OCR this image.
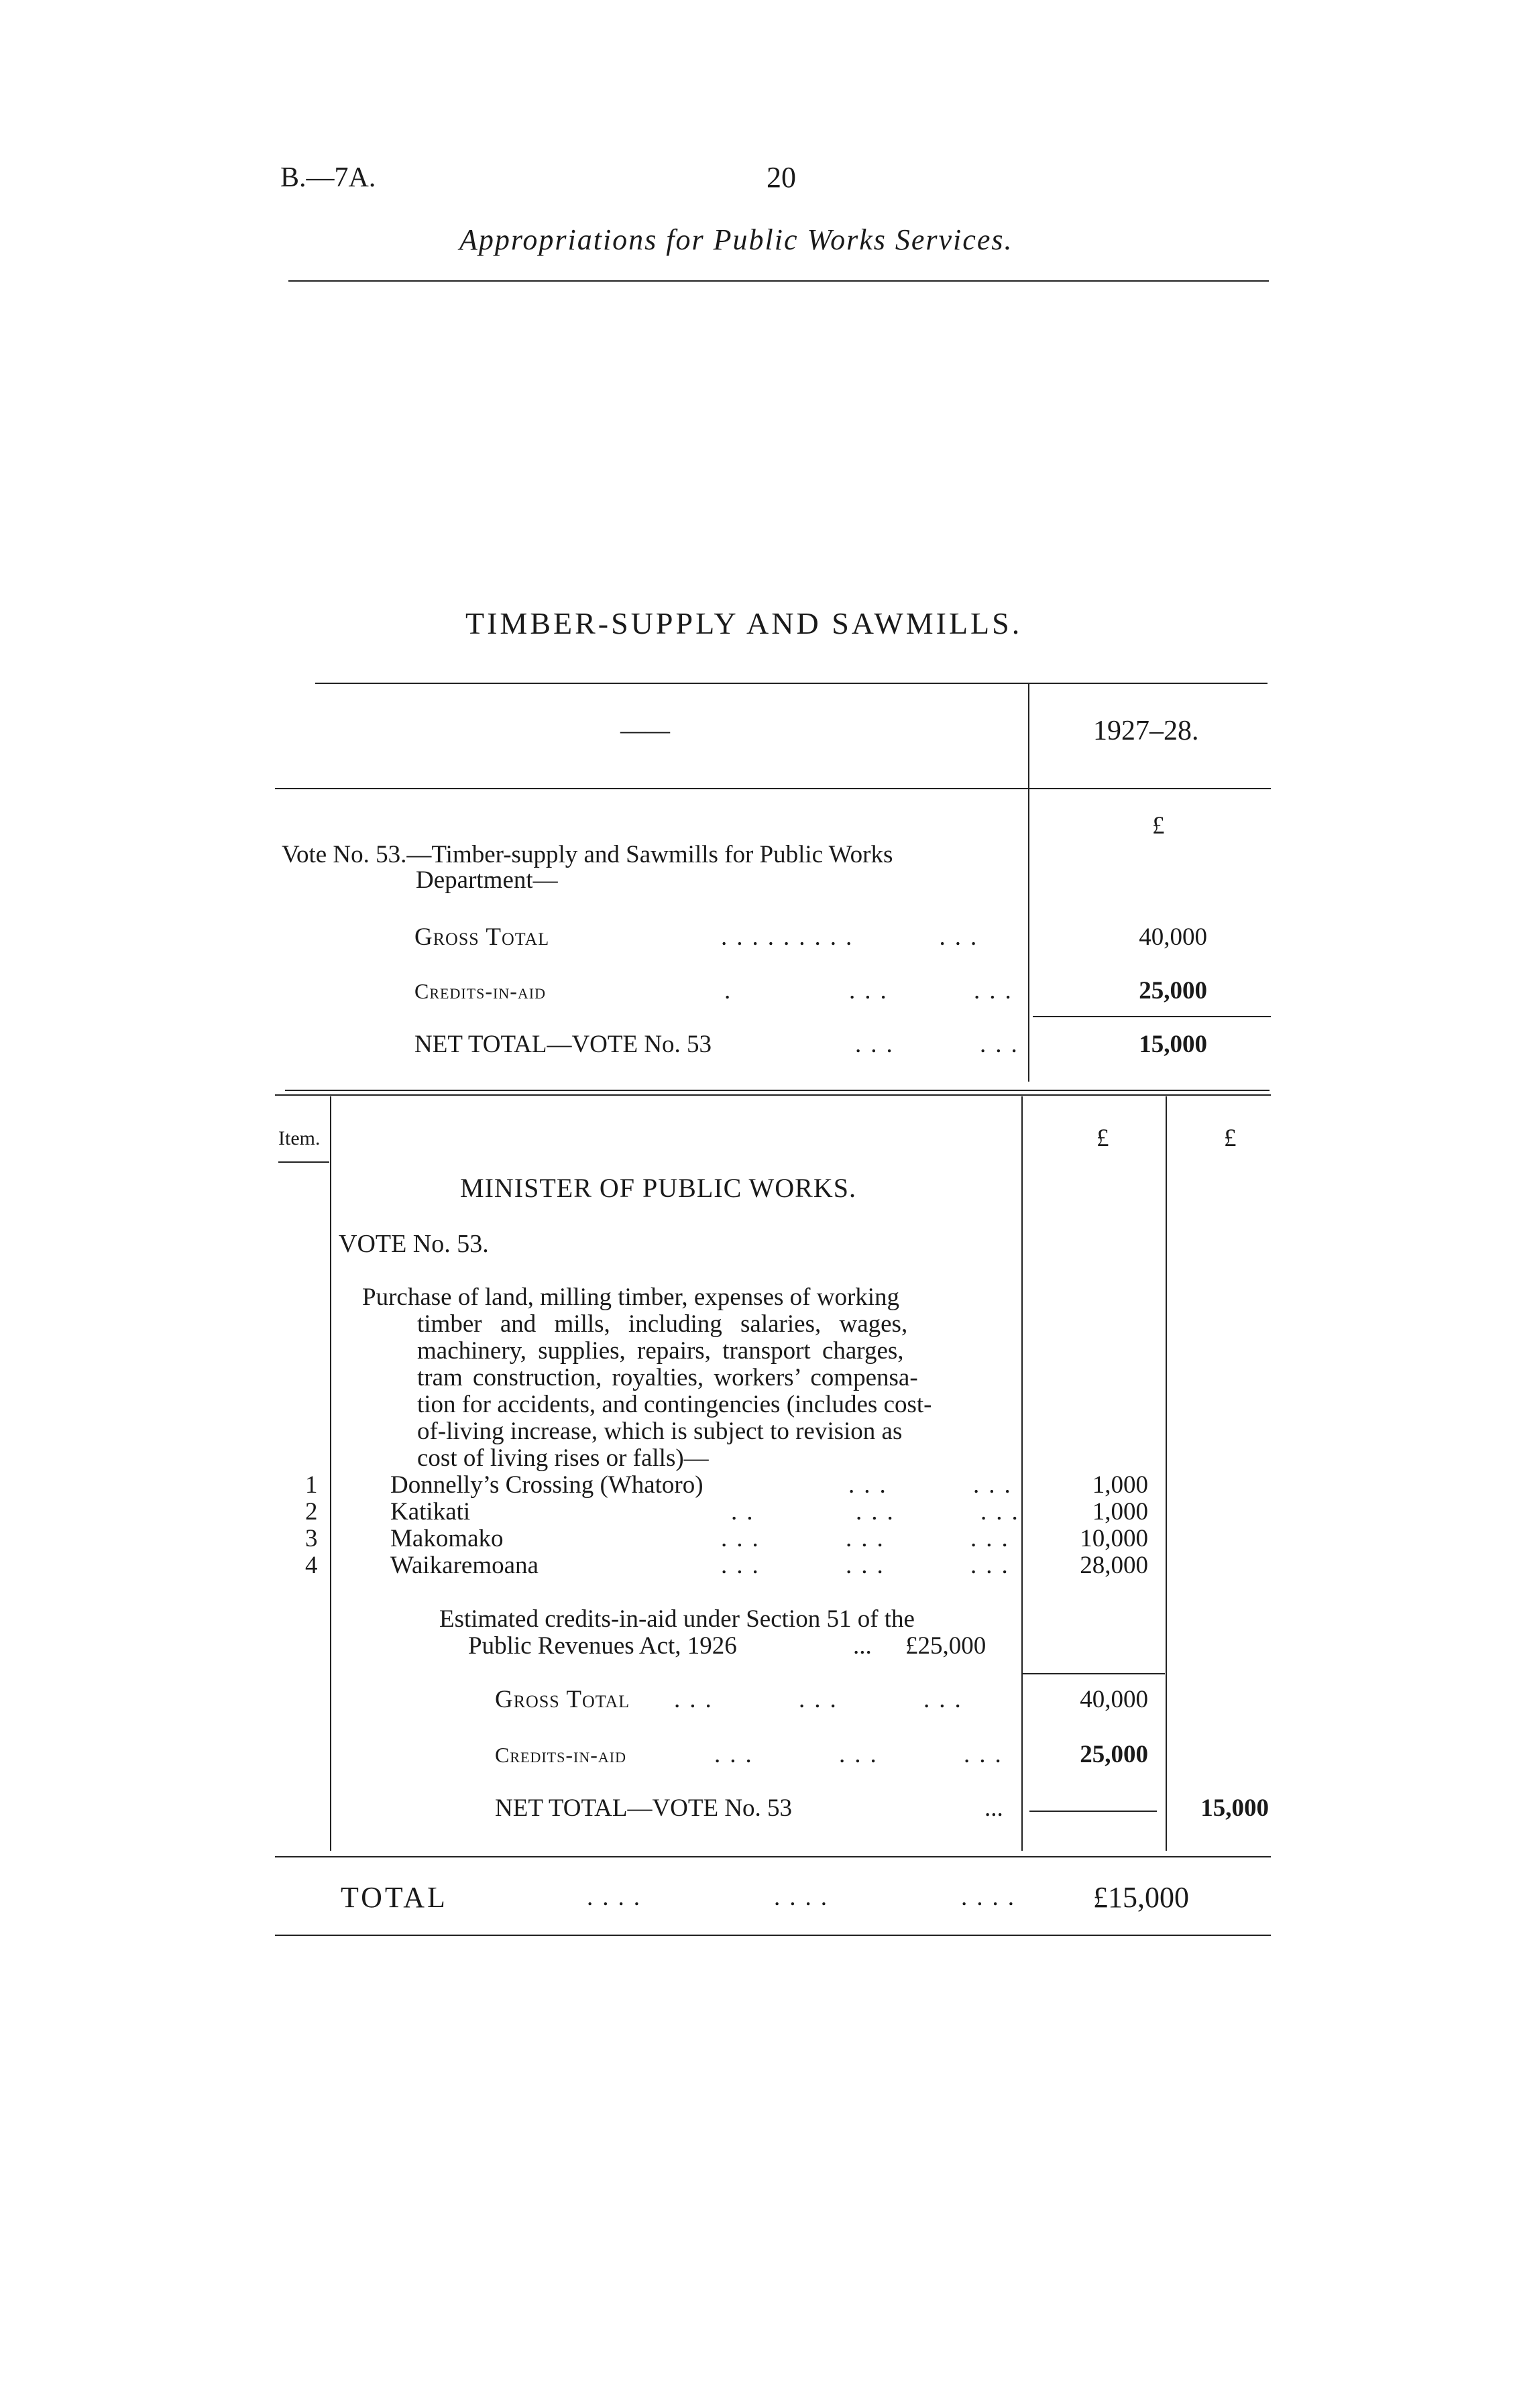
B.—7A.	20
Appropriations for Public Works Services.
TIMBER-SUPPLY AND SAWMILLS.
——	1927–28.
£
Vote No. 53.—Timber-supply and Sawmills for Public Works
Department—
Gross Total	.........     ...	40,000
Credits-in-aid	.       ...     ...	25,000
NET TOTAL—VOTE No. 53	...     ...	15,000
Item.	£	£
MINISTER OF PUBLIC WORKS.
VOTE No. 53.
Purchase of land, milling timber, expenses of working
timber and mills, including salaries, wages,
machinery, supplies, repairs, transport charges,
tram construction, royalties, workers’ compensa-
tion for accidents, and contingencies (includes cost-
of-living increase, which is subject to revision as
cost of living rises or falls)—
1	Donnelly’s Crossing (Whatoro)	...     ...	1,000
2	Katikati	..      ...     ...	1,000
3	Makomako	...     ...     ...	10,000
4	Waikaremoana	...     ...     ...	28,000
Estimated credits-in-aid under Section 51 of the
Public Revenues Act, 1926	... £25,000
Gross Total ...     ...     ...	40,000
Credits-in-aid	...     ...     ...	25,000
NET TOTAL—VOTE No. 53	...	15,000
TOTAL	....        ....        .... £15,000
